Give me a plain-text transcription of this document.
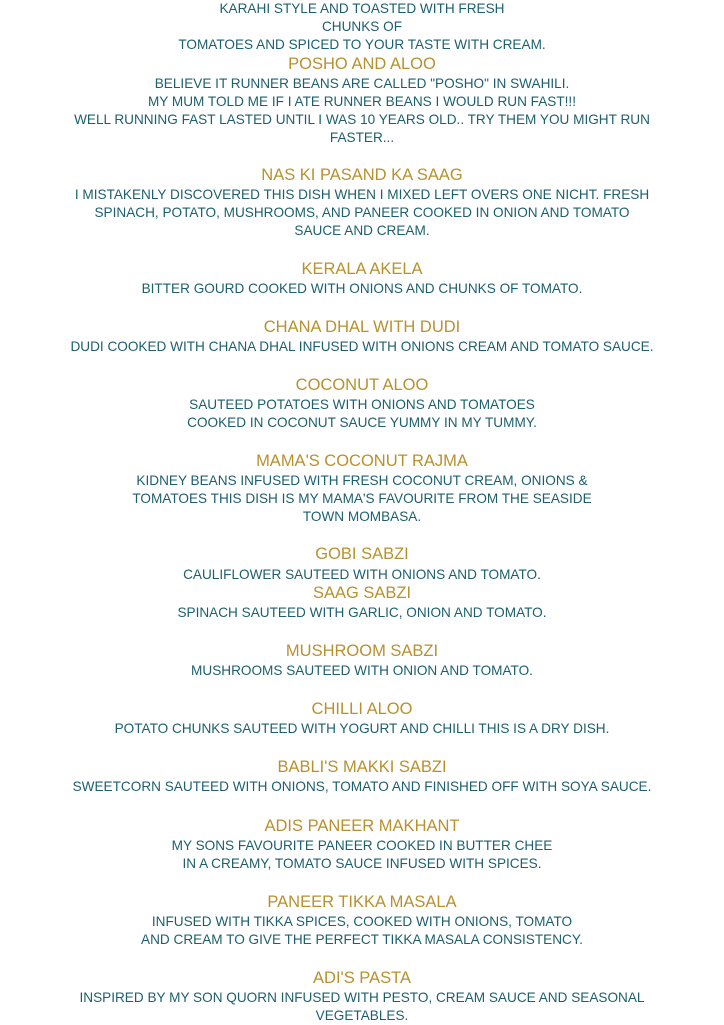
KARAHI STYLE AND TOASTED WITH FRESH
CHUNKS OF
TOMATOES AND SPICED TO YOUR TASTE WITH CREAM.
POSHO AND ALOO
BELIEVE IT RUNNER BEANS ARE CALLED "POSHO" IN SWAHILI.
MY MUM TOLD ME IF I ATE RUNNER BEANS I WOULD RUN FAST!!!
WELL RUNNING FAST LASTED UNTIL I WAS 10 YEARS OLD.. TRY THEM YOU MIGHT RUN
FASTER...
NAS KI PASAND KA SAAG
I MISTAKENLY DISCOVERED THIS DISH WHEN I MIXED LEFT OVERS ONE NICHT. FRESH
SPINACH, POTATO, MUSHROOMS, AND PANEER COOKED IN ONION AND TOMATO
SAUCE AND CREAM.
KERALA AKELA
BITTER GOURD COOKED WITH ONIONS AND CHUNKS OF TOMATO.
CHANA DHAL WITH DUDI
DUDI COOKED WITH CHANA DHAL INFUSED WITH ONIONS CREAM AND TOMATO SAUCE.
COCONUT ALOO
SAUTEED POTATOES WITH ONIONS AND TOMATOES
COOKED IN COCONUT SAUCE YUMMY IN MY TUMMY.
MAMA'S COCONUT RAJMA
KIDNEY BEANS INFUSED WITH FRESH COCONUT CREAM, ONIONS &
TOMATOES THIS DISH IS MY MAMA'S FAVOURITE FROM THE SEASIDE
TOWN MOMBASA.
GOBI SABZI
CAULIFLOWER SAUTEED WITH ONIONS AND TOMATO.
SAAG SABZI
SPINACH SAUTEED WITH GARLIC, ONION AND TOMATO.
MUSHROOM SABZI
MUSHROOMS SAUTEED WITH ONION AND TOMATO.
CHILLI ALOO
POTATO CHUNKS SAUTEED WITH YOGURT AND CHILLI THIS IS A DRY DISH.
BABLI'S MAKKI SABZI
SWEETCORN SAUTEED WITH ONIONS, TOMATO AND FINISHED OFF WITH SOYA SAUCE.
ADIS PANEER MAKHANT
MY SONS FAVOURITE PANEER COOKED IN BUTTER CHEE
IN A CREAMY, TOMATO SAUCE INFUSED WITH SPICES.
PANEER TIKKA MASALA
INFUSED WITH TIKKA SPICES, COOKED WITH ONIONS, TOMATO
AND CREAM TO GIVE THE PERFECT TIKKA MASALA CONSISTENCY.
ADI'S PASTA
INSPIRED BY MY SON QUORN INFUSED WITH PESTO, CREAM SAUCE AND SEASONAL
VEGETABLES.
